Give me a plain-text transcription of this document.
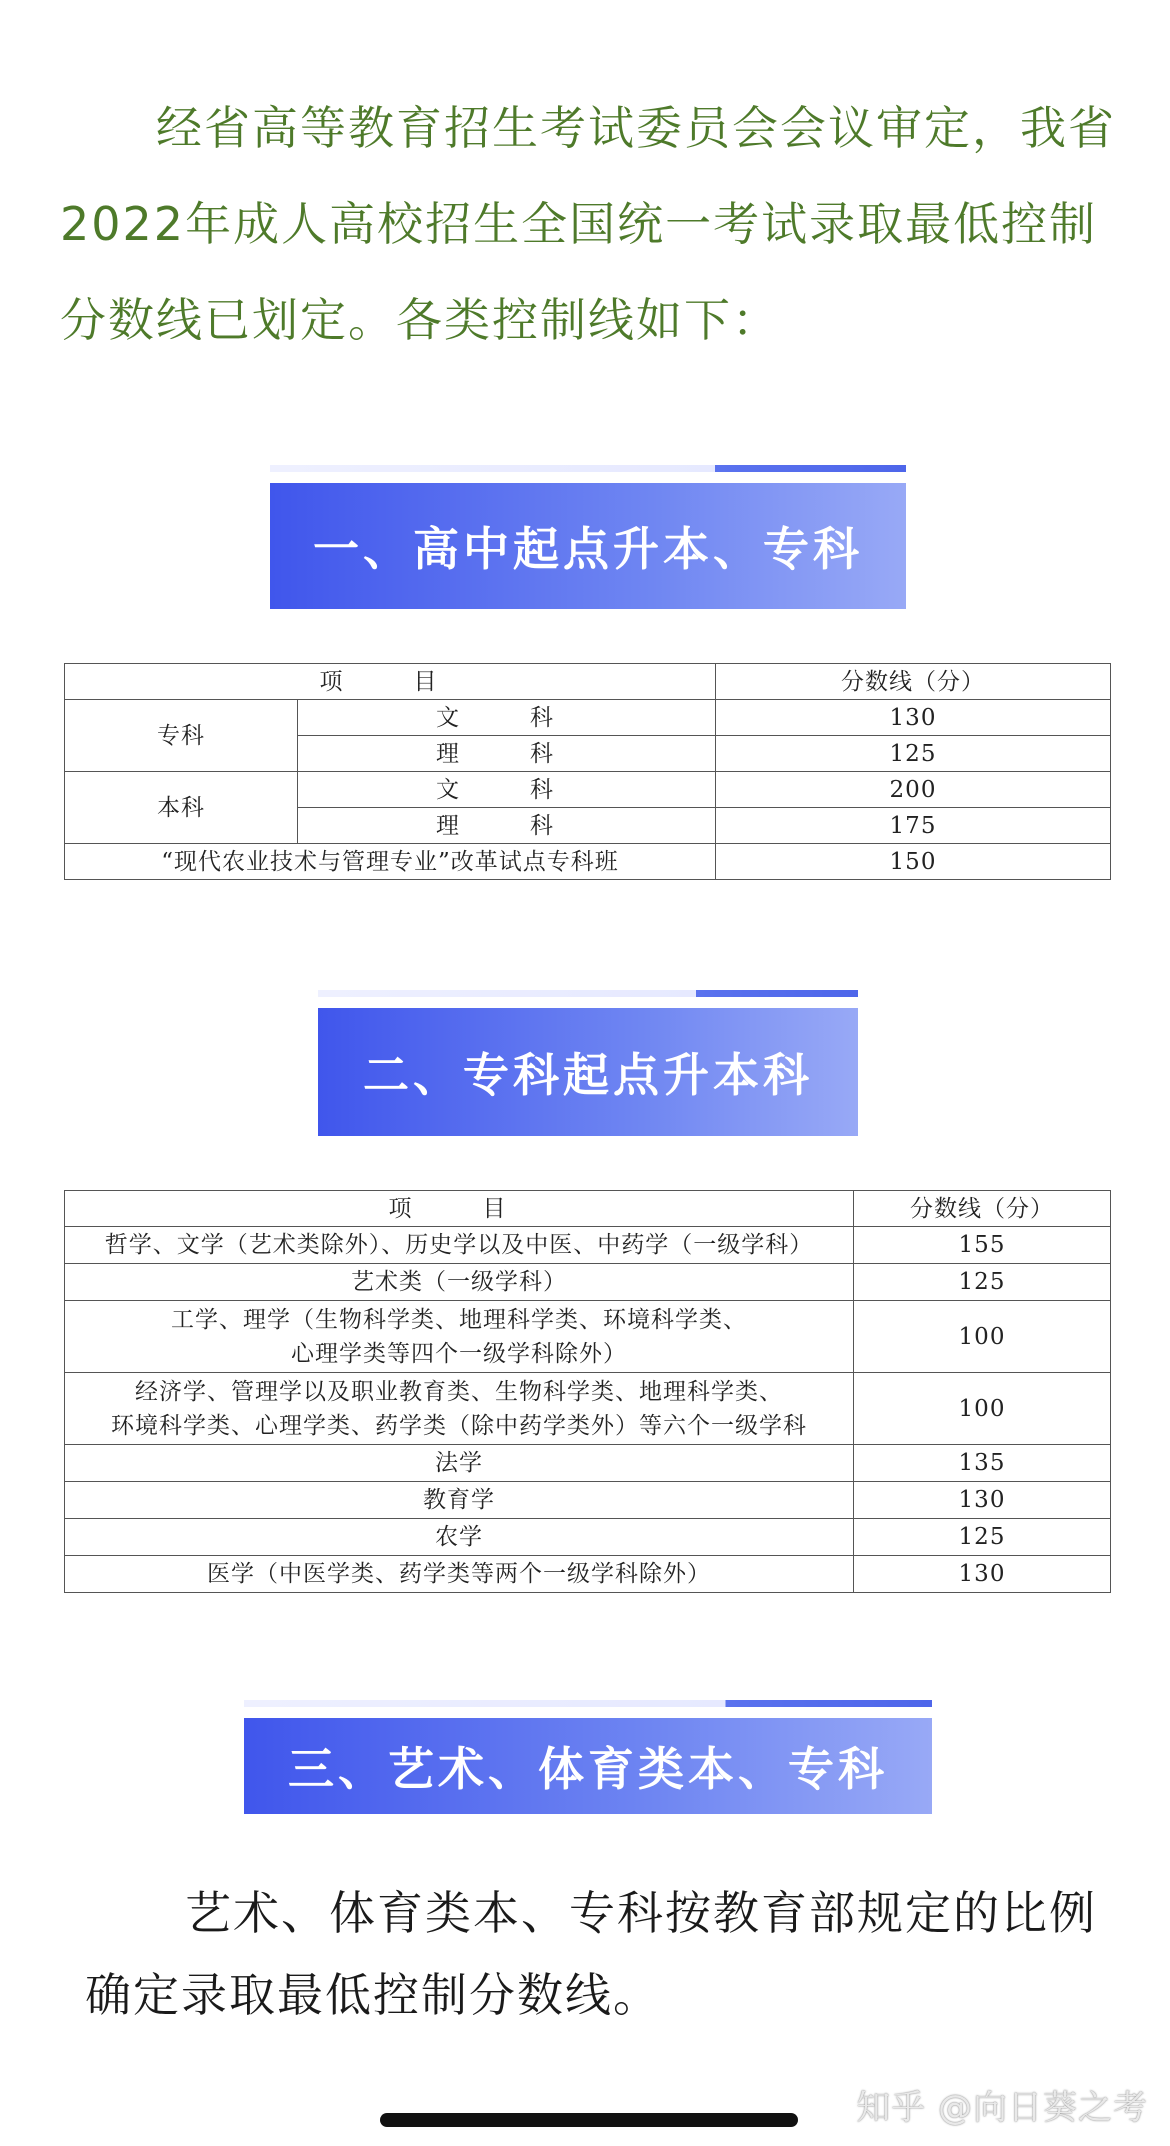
经省高等教育招生考试委员会会议审定，我省2022年成人高校招生全国统一考试录取最低控制分数线已划定。各类控制线如下：

一、高中起点升本、专科
项　目		分数线（分）
专科	文　科	130
	理　科	125
本科	文　科	200
	理　科	175
“现代农业技术与管理专业”改革试点专科班		150
二、专科起点升本科
项　目	分数线（分）
哲学、文学（艺术类除外）、历史学以及中医、中药学（一级学科）	155
艺术类（一级学科）	125

工学、理学（生物科学类、地理科学类、环境科学类、
心理学类等四个一级学科除外）	100

经济学、管理学以及职业教育类、生物科学类、地理科学类、
环境科学类、心理学类、药学类（除中药学类外）等六个一级学科	100
法学	135
教育学	130
农学	125
医学（中医学类、药学类等两个一级学科除外）	130
三、艺术、体育类本、专科

艺术、体育类本、专科按教育部规定的比例确定录取最低控制分数线。

知乎 @向日葵之考
